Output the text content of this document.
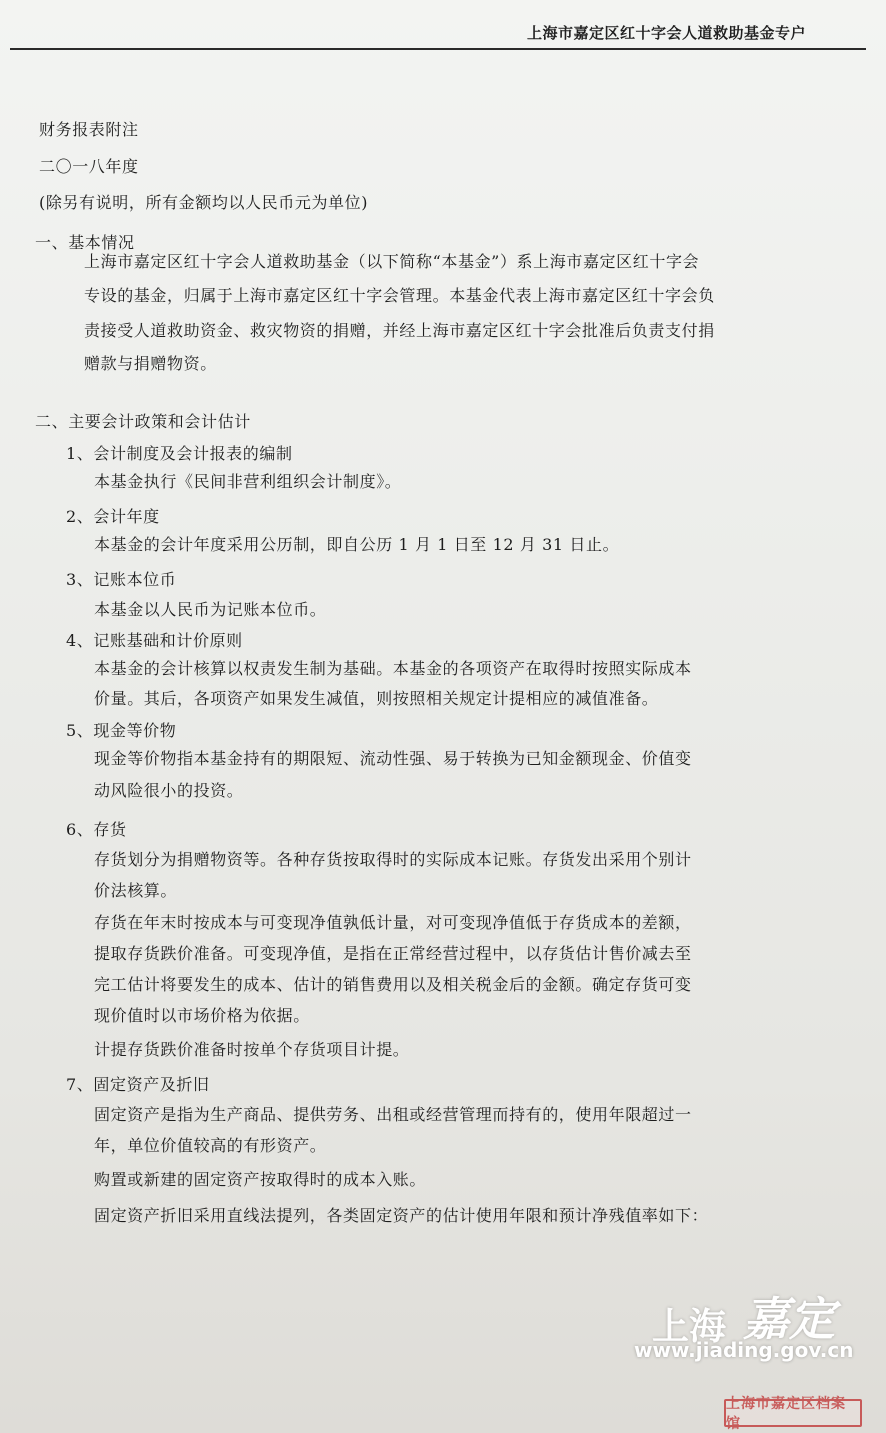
上海市嘉定区红十字会人道救助基金专户
财务报表附注
二〇一八年度
(除另有说明，所有金额均以人民币元为单位)
一、基本情况
上海市嘉定区红十字会人道救助基金（以下简称“本基金”）系上海市嘉定区红十字会
专设的基金，归属于上海市嘉定区红十字会管理。本基金代表上海市嘉定区红十字会负
责接受人道救助资金、救灾物资的捐赠，并经上海市嘉定区红十字会批准后负责支付捐
赠款与捐赠物资。
二、主要会计政策和会计估计
1、会计制度及会计报表的编制
本基金执行《民间非营利组织会计制度》。
2、会计年度
本基金的会计年度采用公历制，即自公历 1 月 1 日至 12 月 31 日止。
3、记账本位币
本基金以人民币为记账本位币。
4、记账基础和计价原则
本基金的会计核算以权责发生制为基础。本基金的各项资产在取得时按照实际成本
价量。其后，各项资产如果发生减值，则按照相关规定计提相应的减值准备。
5、现金等价物
现金等价物指本基金持有的期限短、流动性强、易于转换为已知金额现金、价值变
动风险很小的投资。
6、存货
存货划分为捐赠物资等。各种存货按取得时的实际成本记账。存货发出采用个别计
价法核算。
存货在年末时按成本与可变现净值孰低计量，对可变现净值低于存货成本的差额，
提取存货跌价准备。可变现净值，是指在正常经营过程中，以存货估计售价减去至
完工估计将要发生的成本、估计的销售费用以及相关税金后的金额。确定存货可变
现价值时以市场价格为依据。
计提存货跌价准备时按单个存货项目计提。
7、固定资产及折旧
固定资产是指为生产商品、提供劳务、出租或经营管理而持有的，使用年限超过一
年，单位价值较高的有形资产。
购置或新建的固定资产按取得时的成本入账。
固定资产折旧采用直线法提列，各类固定资产的估计使用年限和预计净残值率如下：
上海 嘉定
www.jiading.gov.cn
上海市嘉定区档案馆
